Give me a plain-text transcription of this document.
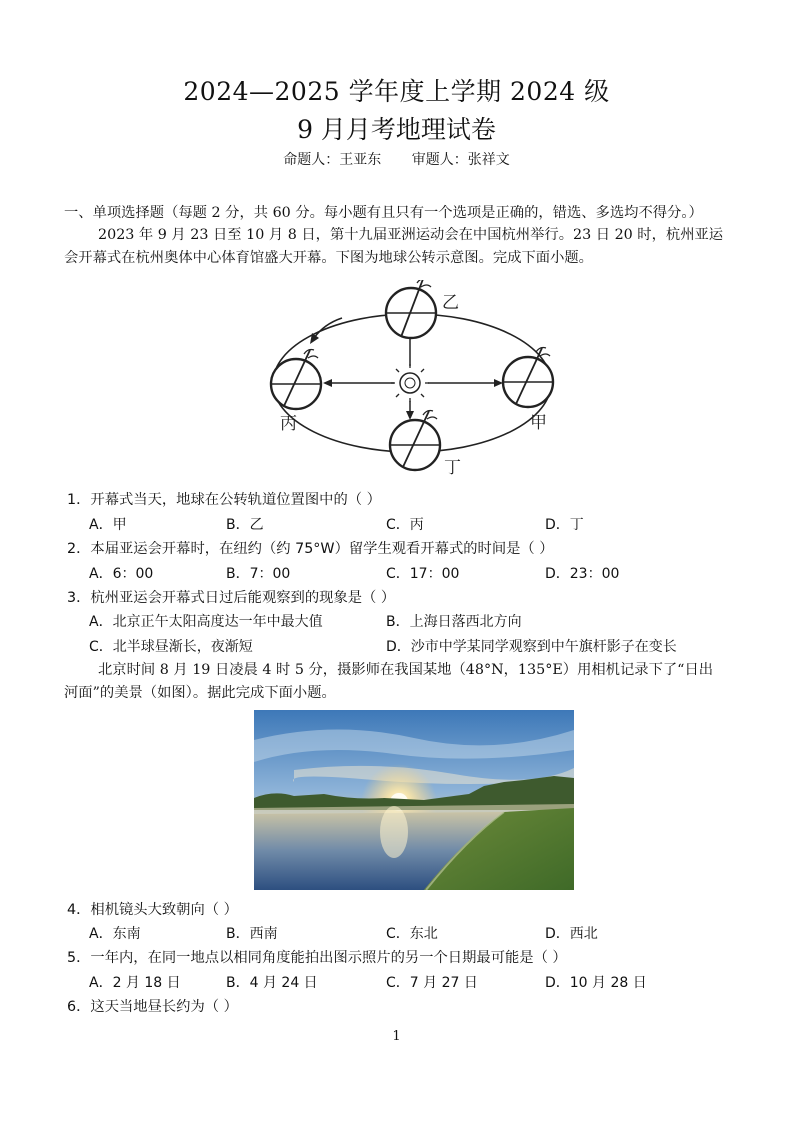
2024—2025 学年度上学期 2024 级
9 月月考地理试卷
命题人：王亚东 审题人：张祥文
一、单项选择题（每题 2 分，共 60 分。每小题有且只有一个选项是正确的，错选、多选均不得分。）
2023 年 9 月 23 日至 10 月 8 日，第十九届亚洲运动会在中国杭州举行。23 日 20 时，杭州亚运
会开幕式在杭州奥体中心体育馆盛大开幕。下图为地球公转示意图。完成下面小题。
乙
丙	甲
丁
1．开幕式当天，地球在公转轨道位置图中的（ ）
A．甲	B．乙	C．丙	D．丁
2．本届亚运会开幕时，在纽约（约 75°W）留学生观看开幕式的时间是（ ）
A．6：00	B．7：00	C．17：00	D．23：00
3．杭州亚运会开幕式日过后能观察到的现象是（ ）
A．北京正午太阳高度达一年中最大值	B．上海日落西北方向
C．北半球昼渐长，夜渐短	D．沙市中学某同学观察到中午旗杆影子在变长
北京时间 8 月 19 日凌晨 4 时 5 分，摄影师在我国某地（48°N，135°E）用相机记录下了“日出
河面”的美景（如图）。据此完成下面小题。
4．相机镜头大致朝向（ ）
A．东南	B．西南	C．东北	D．西北
5．一年内，在同一地点以相同角度能拍出图示照片的另一个日期最可能是（ ）
A．2 月 18 日	B．4 月 24 日	C．7 月 27 日	D．10 月 28 日
6．这天当地昼长约为（ ）
1
